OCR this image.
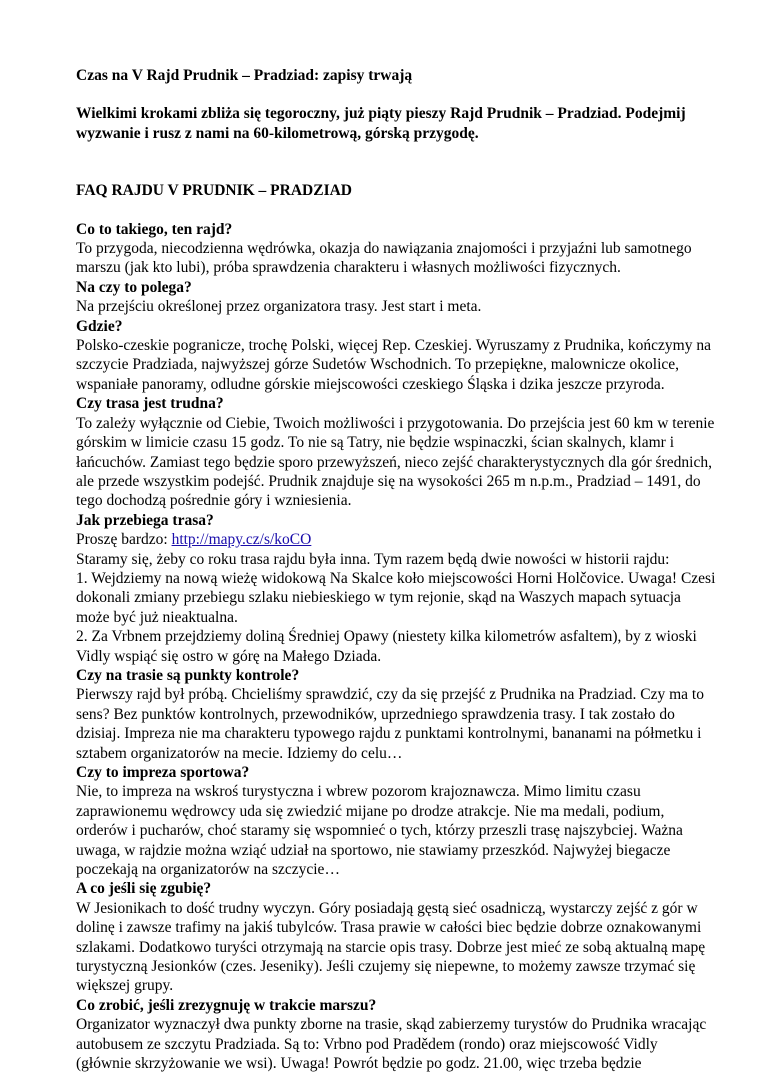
Czas na V Rajd Prudnik – Pradziad: zapisy trwają

Wielkimi krokami zbliża się tegoroczny, już piąty pieszy Rajd Prudnik – Pradziad. Podejmij wyzwanie i rusz z nami na 60-kilometrową, górską przygodę.

FAQ RAJDU V PRUDNIK – PRADZIAD

Co to takiego, ten rajd?

To przygoda, niecodzienna wędrówka, okazja do nawiązania znajomości i przyjaźni lub samotnego marszu (jak kto lubi), próba sprawdzenia charakteru i własnych możliwości fizycznych.

Na czy to polega?

Na przejściu określonej przez organizatora trasy. Jest start i meta.

Gdzie?

Polsko-czeskie pogranicze, trochę Polski, więcej Rep. Czeskiej. Wyruszamy z Prudnika, kończymy na szczycie Pradziada, najwyższej górze Sudetów Wschodnich. To przepiękne, malownicze okolice, wspaniałe panoramy, odludne górskie miejscowości czeskiego Śląska i dzika jeszcze przyroda.

Czy trasa jest trudna?

To zależy wyłącznie od Ciebie, Twoich możliwości i przygotowania. Do przejścia jest 60 km w terenie górskim w limicie czasu 15 godz. To nie są Tatry, nie będzie wspinaczki, ścian skalnych, klamr i łańcuchów. Zamiast tego będzie sporo przewyższeń, nieco zejść charakterystycznych dla gór średnich, ale przede wszystkim podejść. Prudnik znajduje się na wysokości 265 m n.p.m., Pradziad – 1491, do tego dochodzą pośrednie góry i wzniesienia.

Jak przebiega trasa?

Proszę bardzo: http://mapy.cz/s/koCO

Staramy się, żeby co roku trasa rajdu była inna. Tym razem będą dwie nowości w historii rajdu:

1. Wejdziemy na nową wieżę widokową Na Skalce koło miejscowości Horni Holčovice. Uwaga! Czesi dokonali zmiany przebiegu szlaku niebieskiego w tym rejonie, skąd na Waszych mapach sytuacja może być już nieaktualna.

2. Za Vrbnem przejdziemy doliną Średniej Opawy (niestety kilka kilometrów asfaltem), by z wioski Vidly wspiąć się ostro w górę na Małego Dziada.

Czy na trasie są punkty kontrole?

Pierwszy rajd był próbą. Chcieliśmy sprawdzić, czy da się przejść z Prudnika na Pradziad. Czy ma to sens? Bez punktów kontrolnych, przewodników, uprzedniego sprawdzenia trasy. I tak zostało do dzisiaj. Impreza nie ma charakteru typowego rajdu z punktami kontrolnymi, bananami na półmetku i sztabem organizatorów na mecie. Idziemy do celu…

Czy to impreza sportowa?

Nie, to impreza na wskroś turystyczna i wbrew pozorom krajoznawcza. Mimo limitu czasu zaprawionemu wędrowcy uda się zwiedzić mijane po drodze atrakcje. Nie ma medali, podium, orderów i pucharów, choć staramy się wspomnieć o tych, którzy przeszli trasę najszybciej. Ważna uwaga, w rajdzie można wziąć udział na sportowo, nie stawiamy przeszkód. Najwyżej biegacze poczekają na organizatorów na szczycie…

A co jeśli się zgubię?

W Jesionikach to dość trudny wyczyn. Góry posiadają gęstą sieć osadniczą, wystarczy zejść z gór w dolinę i zawsze trafimy na jakiś tubylców. Trasa prawie w całości biec będzie dobrze oznakowanymi szlakami. Dodatkowo turyści otrzymają na starcie opis trasy. Dobrze jest mieć ze sobą aktualną mapę turystyczną Jesionków (czes. Jeseniky). Jeśli czujemy się niepewne, to możemy zawsze trzymać się większej grupy.

Co zrobić, jeśli zrezygnuję w trakcie marszu?

Organizator wyznaczył dwa punkty zborne na trasie, skąd zabierzemy turystów do Prudnika wracając autobusem ze szczytu Pradziada. Są to: Vrbno pod Pradědem (rondo) oraz miejscowość Vidly (głównie skrzyżowanie we wsi). Uwaga! Powrót będzie po godz. 21.00, więc trzeba będzie
